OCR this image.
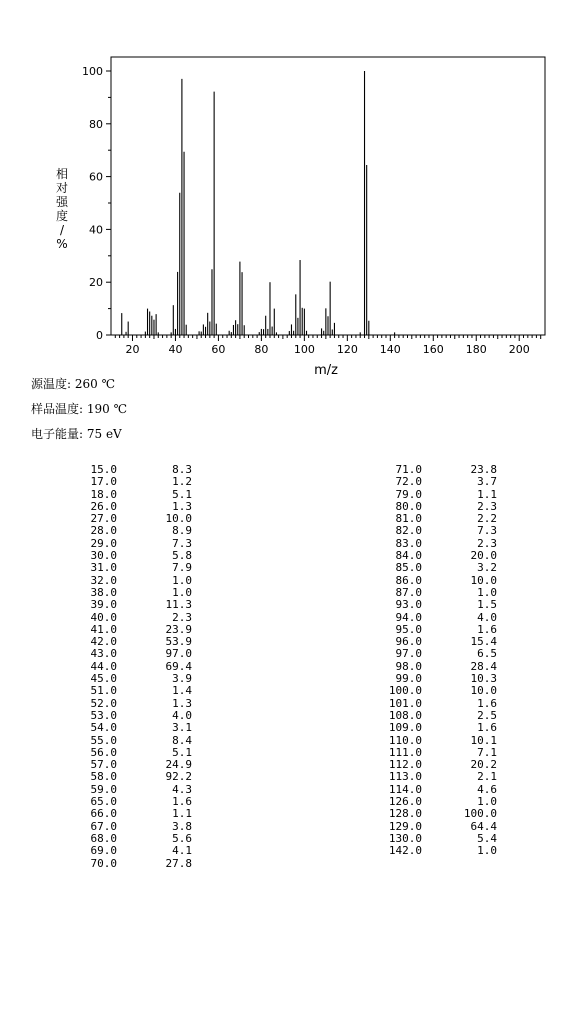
0
20
40
60
80
100
20	40	60	80 100 120 140 160 180 200
相对强度/ %
m/z
源温度: 260 ℃
样品温度: 190 ℃
电子能量: 75 eV
15.0	8.3
17.0	1.2
18.0	5.1
26.0	1.3
27.0	10.0
28.0	8.9
29.0	7.3
30.0	5.8
31.0	7.9
32.0	1.0
38.0	1.0
39.0	11.3
40.0	2.3
41.0	23.9
42.0	53.9
43.0	97.0
44.0	69.4
45.0	3.9
51.0	1.4
52.0	1.3
53.0	4.0
54.0	3.1
55.0	8.4
56.0	5.1
57.0	24.9
58.0	92.2
59.0	4.3
65.0	1.6
66.0	1.1
67.0	3.8
68.0	5.6
69.0	4.1
70.0	27.8
71.0	23.8
72.0	3.7
79.0	1.1
80.0	2.3
81.0	2.2
82.0	7.3
83.0	2.3
84.0	20.0
85.0	3.2
86.0	10.0
87.0	1.0
93.0	1.5
94.0	4.0
95.0	1.6
96.0	15.4
97.0	6.5
98.0	28.4
99.0	10.3
100.0	10.0
101.0	1.6
108.0	2.5
109.0	1.6
110.0	10.1
111.0	7.1
112.0	20.2
113.0	2.1
114.0	4.6
126.0	1.0
128.0	100.0
129.0	64.4
130.0	5.4
142.0	1.0
